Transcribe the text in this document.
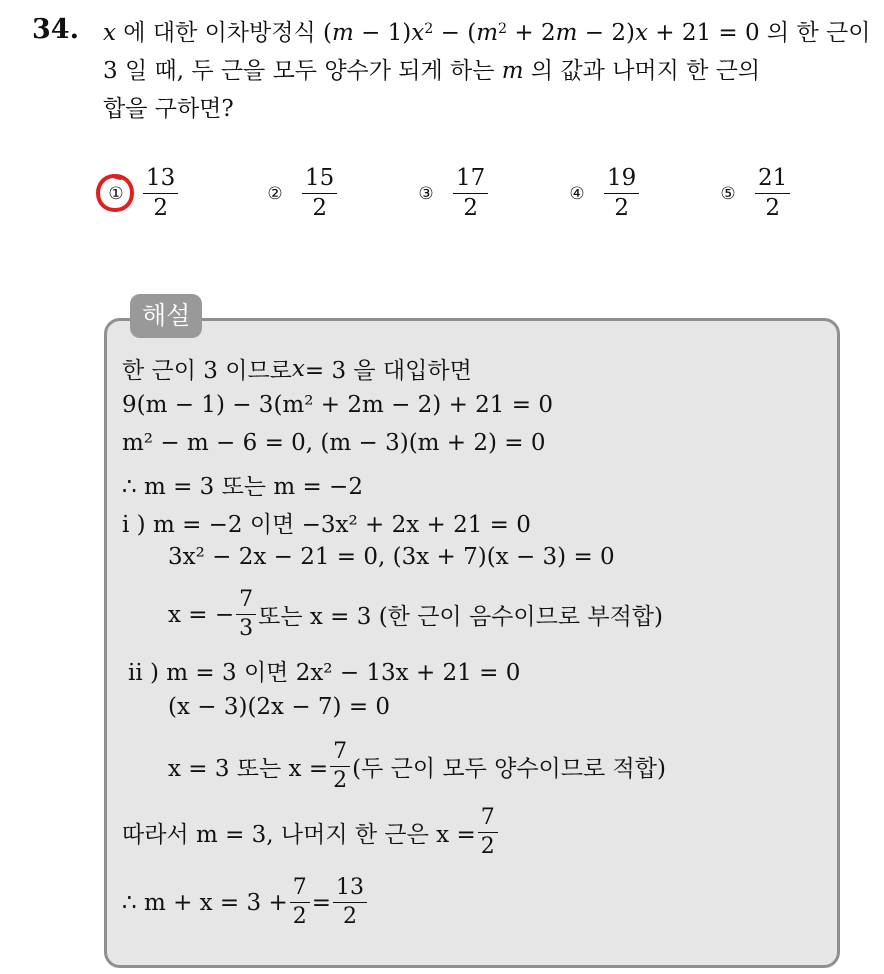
34. x 에 대한 이차방정식 $(m - 1)x^2 - (m^2 + 2m - 2)x + 21 = 0$ 의 한 근이
3 일 때, 두 근을 모두 양수가 되게 하는 m 의 값과 나머지 한 근의
합을 구하면?
① $\frac{13}{2}$	② $\frac{15}{2}$	③ $\frac{17}{2}$	④ $\frac{19}{2}$	⑤ $\frac{21}{2}$
해설
한 근이 3 이므로 x = 3 을 대입하면
9(m − 1) − 3(m² + 2m − 2) + 21 = 0
m² − m − 6 = 0, (m − 3)(m + 2) = 0
∴ m = 3 또는 m = −2
i ) m = −2 이면 −3x² + 2x + 21 = 0
3x² − 2x − 21 = 0, (3x + 7)(x − 3) = 0
x = − $\frac{7}{3}$ 또는 x = 3 (한 근이 음수이므로 부적합)
ii ) m = 3 이면 2x² − 13x + 21 = 0
(x − 3)(2x − 7) = 0
x = 3 또는 $x = \frac{7}{2}$ (두 근이 모두 양수이므로 적합)
따라서 m = 3, 나머지 한 근은 $x = \frac{7}{2}$
∴ $m + x = 3 + \frac{7}{2} = \frac{13}{2}$
